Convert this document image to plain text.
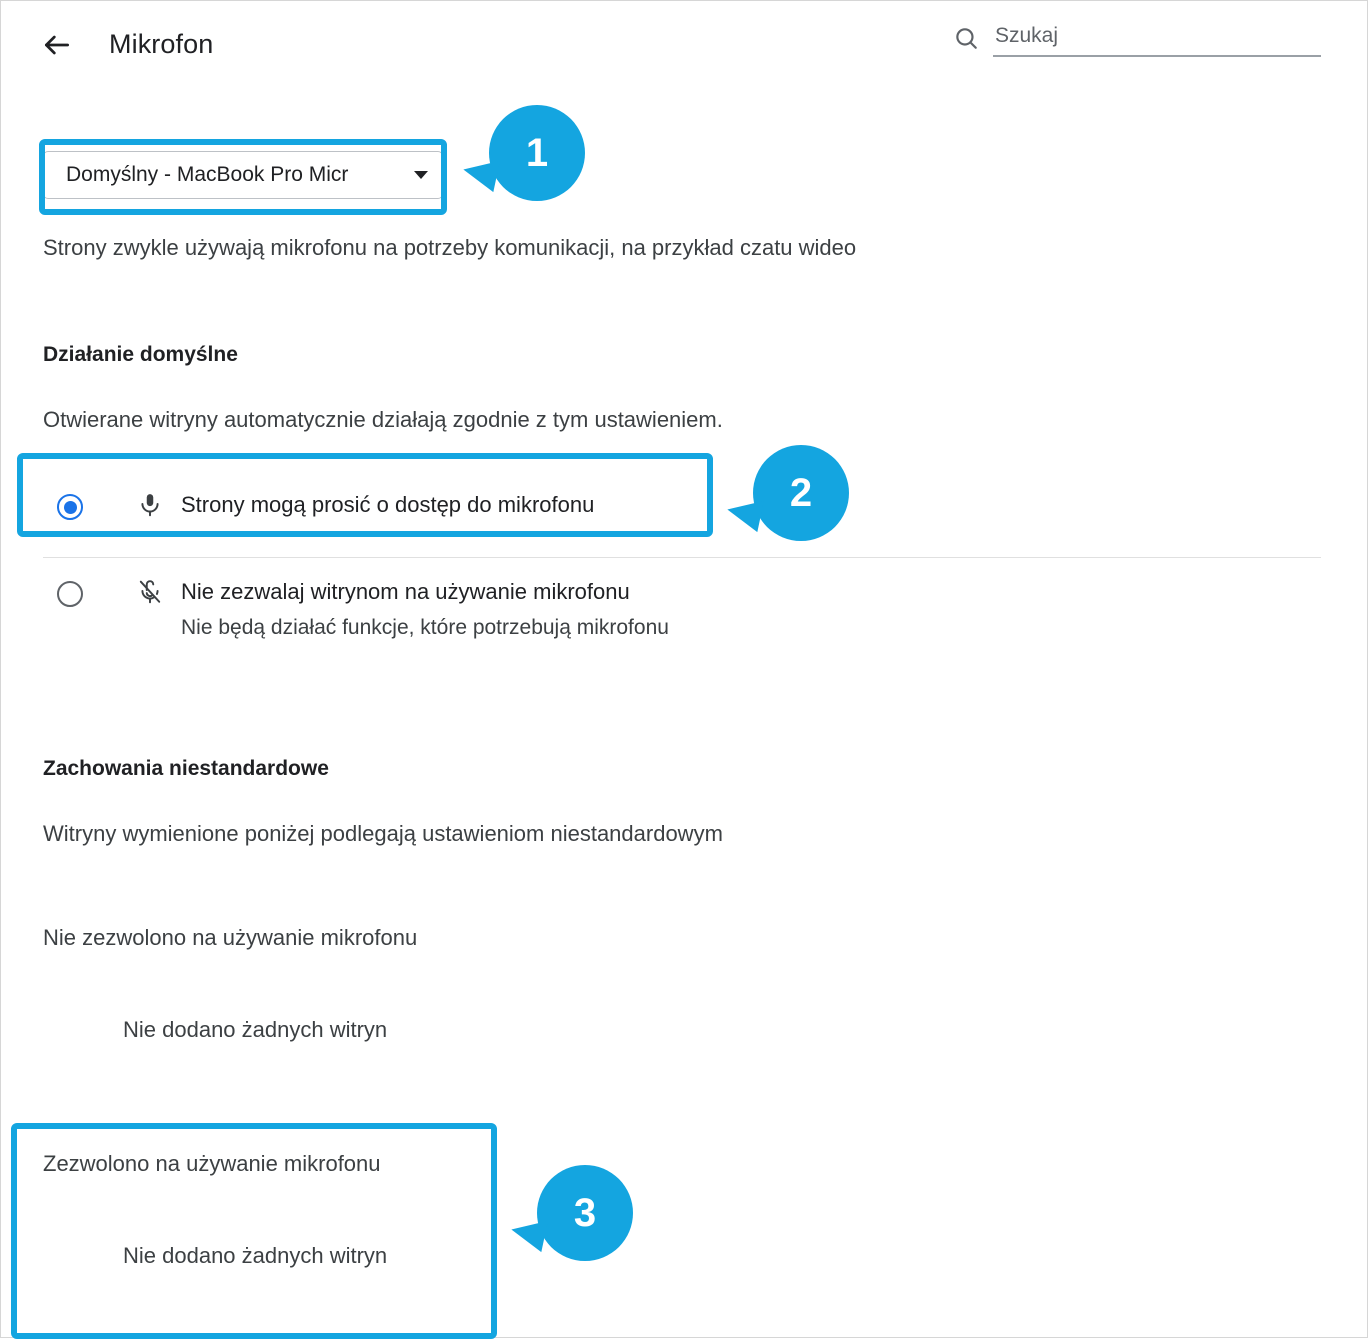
Mikrofon
Szukaj
Domyślny - MacBook Pro Micr
Strony zwykle używają mikrofonu na potrzeby komunikacji, na przykład czatu wideo
Działanie domyślne
Otwierane witryny automatycznie działają zgodnie z tym ustawieniem.
Strony mogą prosić o dostęp do mikrofonu
Nie zezwalaj witrynom na używanie mikrofonu
Nie będą działać funkcje, które potrzebują mikrofonu
Zachowania niestandardowe
Witryny wymienione poniżej podlegają ustawieniom niestandardowym
Nie zezwolono na używanie mikrofonu
Nie dodano żadnych witryn
Zezwolono na używanie mikrofonu
Nie dodano żadnych witryn
1
2
3
